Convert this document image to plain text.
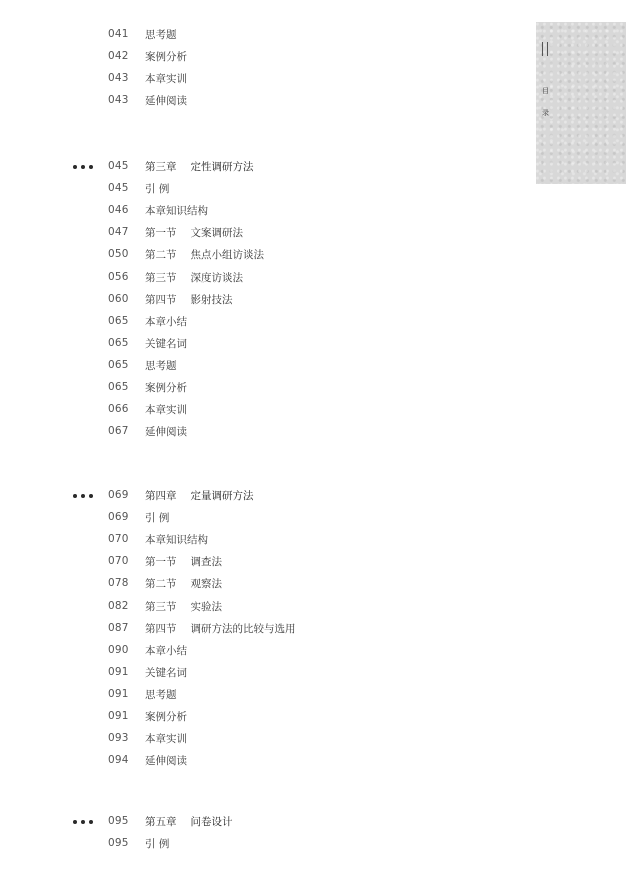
目
录
041 思考题
042 案例分析
043 本章实训
043 延伸阅读
045 第三章 定性调研方法
045 引 例
046 本章知识结构
047 第一节 文案调研法
050 第二节 焦点小组访谈法
056 第三节 深度访谈法
060 第四节 影射技法
065 本章小结
065 关键名词
065 思考题
065 案例分析
066 本章实训
067 延伸阅读
069 第四章 定量调研方法
069 引 例
070 本章知识结构
070 第一节 调查法
078 第二节 观察法
082 第三节 实验法
087 第四节 调研方法的比较与选用
090 本章小结
091 关键名词
091 思考题
091 案例分析
093 本章实训
094 延伸阅读
095 第五章 问卷设计
095 引 例
